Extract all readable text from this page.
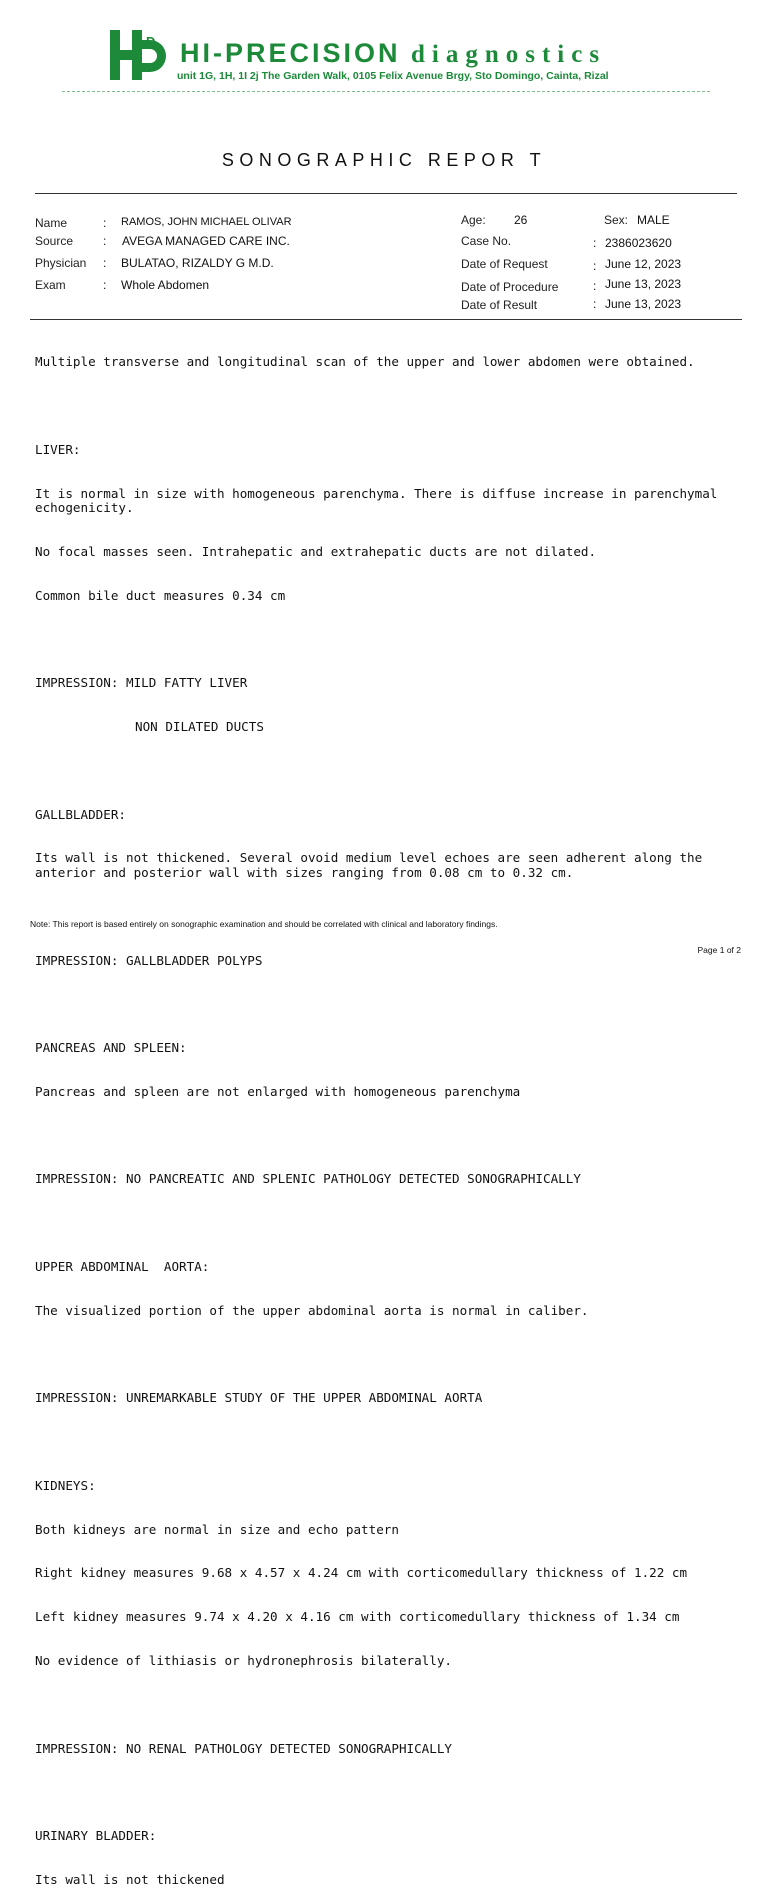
D HI-PRECISION diagnostics
unit 1G, 1H, 1I 2j The Garden Walk, 0105 Felix Avenue Brgy, Sto Domingo, Cainta, Rizal
SONOGRAPHIC REPOR T
Name	: RAMOS, JOHN MICHAEL OLIVAR
Source : AVEGA MANAGED CARE INC.
Physician : BULATAO, RIZALDY G M.D.
Exam	: Whole Abdomen
Age: 26	Sex: MALE
Case No.	: 2386023620
Date of Request	: June 12, 2023
Date of Procedure	: June 13, 2023
Date of Result	: June 13, 2023

Multiple transverse and longitudinal scan of the upper and lower abdomen were obtained.

LIVER:

It is normal in size with homogeneous parenchyma. There is diffuse increase in parenchymal echogenicity.

No focal masses seen. Intrahepatic and extrahepatic ducts are not dilated.

Common bile duct measures 0.34 cm

IMPRESSION: MILD FATTY LIVER

NON DILATED DUCTS

GALLBLADDER:

Its wall is not thickened. Several ovoid medium level echoes are seen adherent along the anterior and posterior wall with sizes ranging from 0.08 cm to 0.32 cm.

IMPRESSION: GALLBLADDER POLYPS

PANCREAS AND SPLEEN:

Pancreas and spleen are not enlarged with homogeneous parenchyma

IMPRESSION: NO PANCREATIC AND SPLENIC PATHOLOGY DETECTED SONOGRAPHICALLY

UPPER ABDOMINAL  AORTA:

The visualized portion of the upper abdominal aorta is normal in caliber.

IMPRESSION: UNREMARKABLE STUDY OF THE UPPER ABDOMINAL AORTA

KIDNEYS:

Both kidneys are normal in size and echo pattern

Right kidney measures 9.68 x 4.57 x 4.24 cm with corticomedullary thickness of 1.22 cm

Left kidney measures 9.74 x 4.20 x 4.16 cm with corticomedullary thickness of 1.34 cm

No evidence of lithiasis or hydronephrosis bilaterally.

IMPRESSION: NO RENAL PATHOLOGY DETECTED SONOGRAPHICALLY

URINARY BLADDER:

Its wall is not thickened

Note: This report is based entirely on sonographic examination and should be correlated with clinical and laboratory findings.
Page 1 of 2
